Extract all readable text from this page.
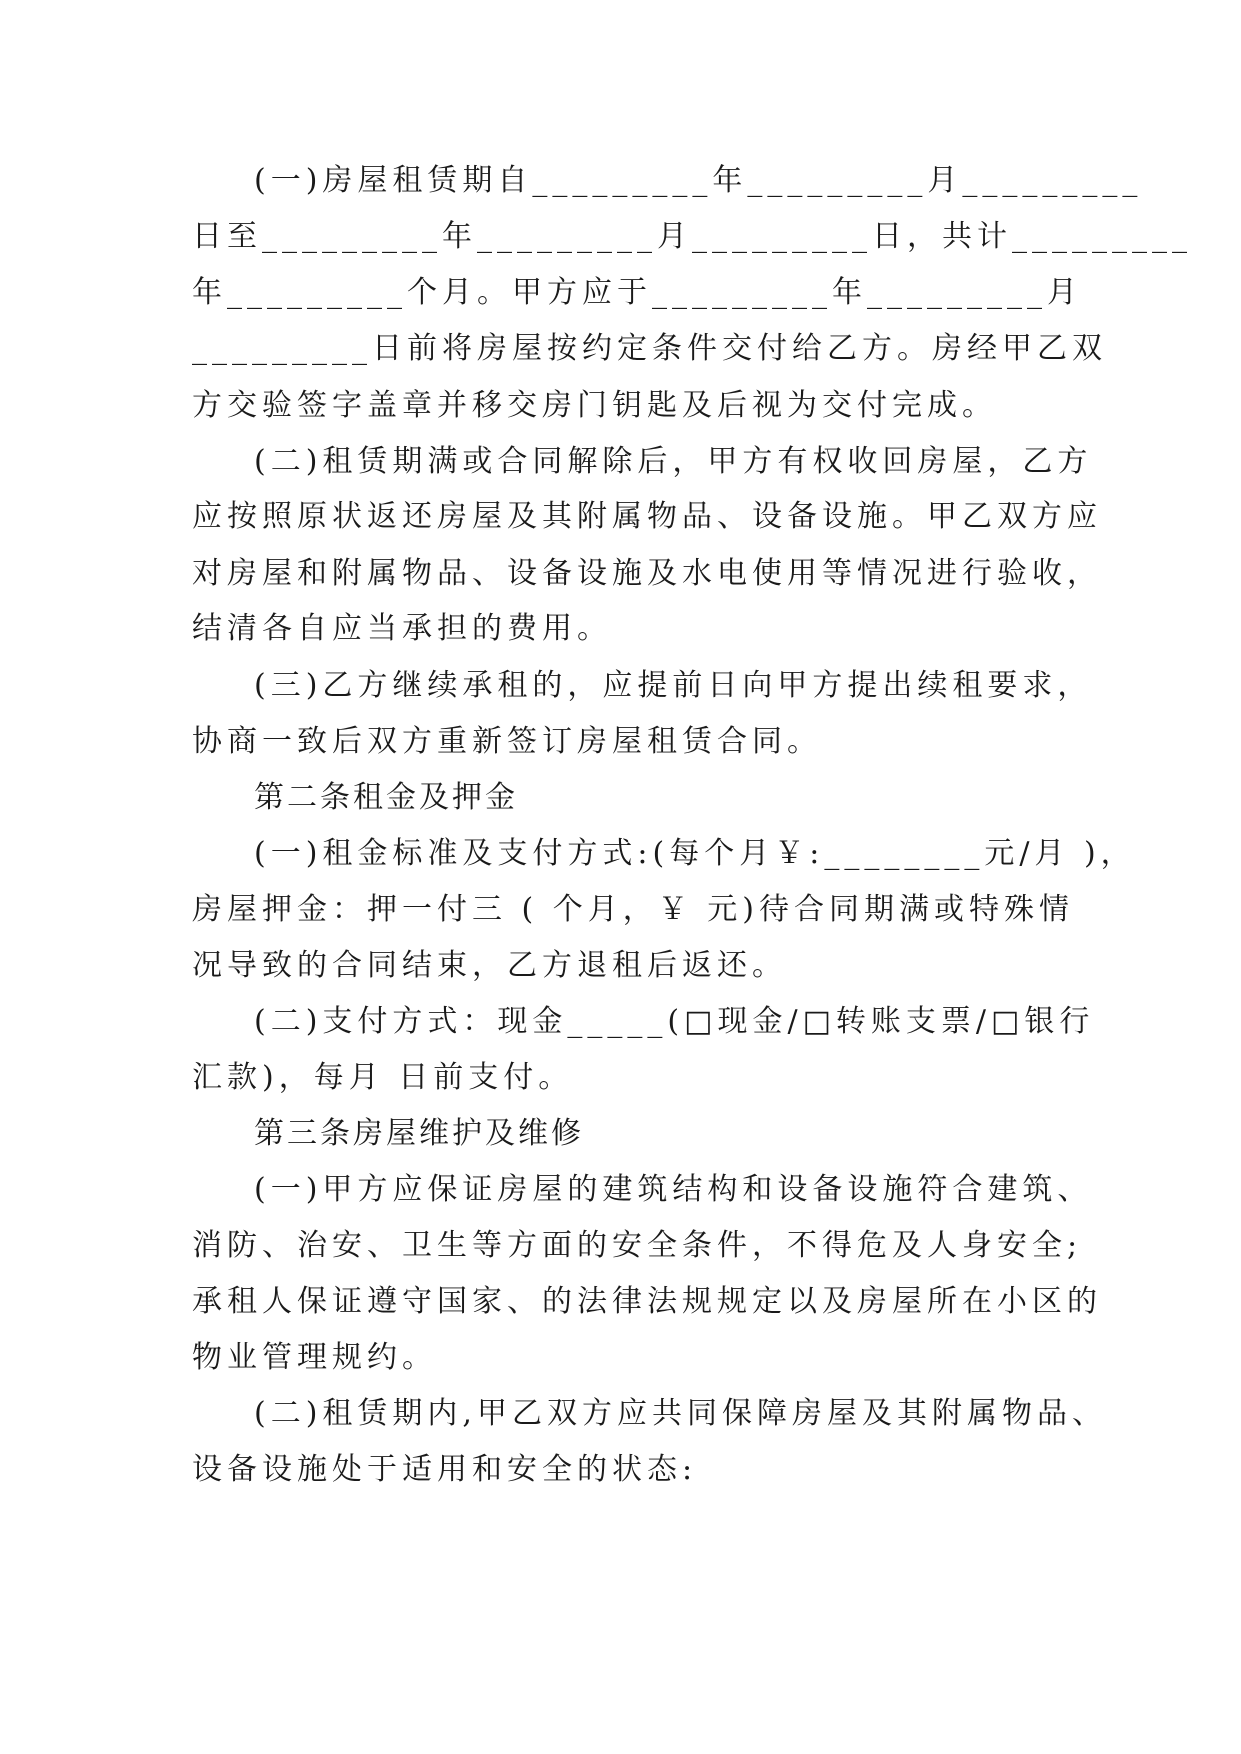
(一)房屋租赁期自_________年_________月_________
日至_________年_________月_________日，共计_________
年_________个月。甲方应于_________年_________月
_________日前将房屋按约定条件交付给乙方。房经甲乙双
方交验签字盖章并移交房门钥匙及后视为交付完成。
(二)租赁期满或合同解除后，甲方有权收回房屋，乙方
应按照原状返还房屋及其附属物品、设备设施。甲乙双方应
对房屋和附属物品、设备设施及水电使用等情况进行验收，
结清各自应当承担的费用。
(三)乙方继续承租的，应提前日向甲方提出续租要求，
协商一致后双方重新签订房屋租赁合同。
第二条租金及押金
(一)租金标准及支付方式:(每个月￥:________元/月 )，
房屋押金：押一付三 ( 个月，￥ 元)待合同期满或特殊情
况导致的合同结束，乙方退租后返还。
(二)支付方式：现金_____(□现金/□转账支票/□银行
汇款)，每月 日前支付。
第三条房屋维护及维修
(一)甲方应保证房屋的建筑结构和设备设施符合建筑、
消防、治安、卫生等方面的安全条件，不得危及人身安全;
承租人保证遵守国家、的法律法规规定以及房屋所在小区的
物业管理规约。
(二)租赁期内,甲乙双方应共同保障房屋及其附属物品、
设备设施处于适用和安全的状态:
